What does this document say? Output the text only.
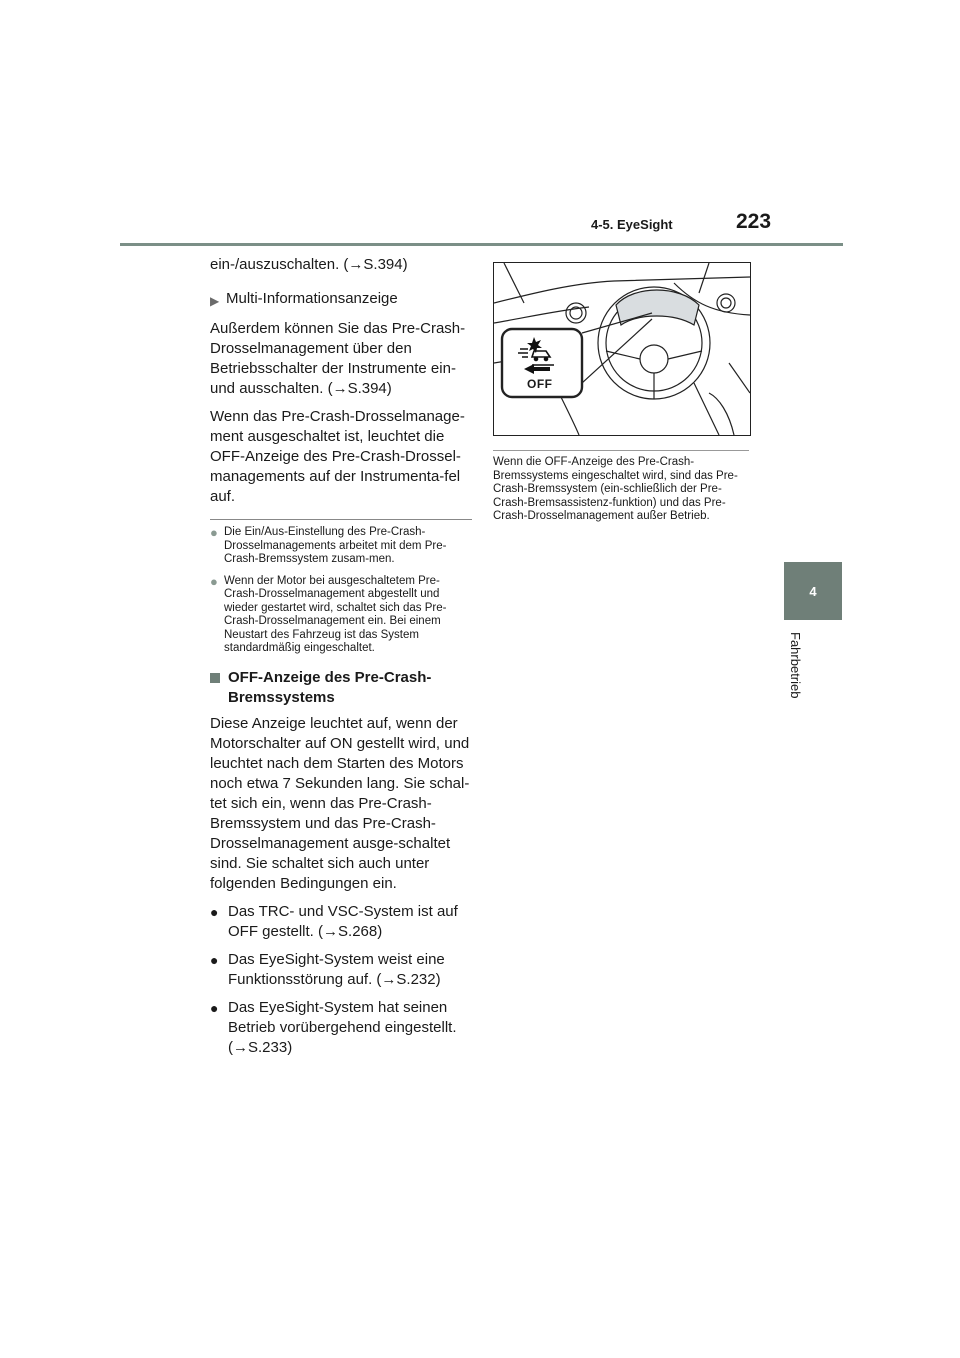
4-5. EyeSight	223
4
Fahrbetrieb

ein-/auszuschalten. (→S.394)

▶ Multi-Informationsanzeige

Außerdem können Sie das Pre-Crash-Drosselmanagement über den Betriebsschalter der Instrumente ein- und ausschalten. (→S.394)

Wenn das Pre-Crash-Drosselmanage-ment ausgeschaltet ist, leuchtet die OFF-Anzeige des Pre-Crash-Drossel-managements auf der Instrumenta-fel auf.

● Die Ein/Aus-Einstellung des Pre-Crash-Drosselmanagements arbeitet mit dem Pre-Crash-Bremssystem zusam-men.
● Wenn der Motor bei ausgeschaltetem Pre-Crash-Drosselmanagement abgestellt und wieder gestartet wird, schaltet sich das Pre-Crash-Drosselmanagement ein. Bei einem Neustart des Fahrzeug ist das System standardmäßig eingeschaltet.
OFF-Anzeige des Pre-Crash-Bremssystems

Diese Anzeige leuchtet auf, wenn der Motorschalter auf ON gestellt wird, und leuchtet nach dem Starten des Motors noch etwa 7 Sekunden lang. Sie schal-tet sich ein, wenn das Pre-Crash-Bremssystem und das Pre-Crash-Drosselmanagement ausge-schaltet sind. Sie schaltet sich auch unter folgenden Bedingungen ein.

● Das TRC- und VSC-System ist auf OFF gestellt. (→S.268)
● Das EyeSight-System weist eine Funktionsstörung auf. (→S.232)
● Das EyeSight-System hat seinen Betrieb vorübergehend eingestellt. (→S.233)
OFF
Wenn die OFF-Anzeige des Pre-Crash-Bremssystems eingeschaltet wird, sind das Pre-Crash-Bremssystem (ein-schließlich der Pre-Crash-Bremsassistenz-funktion) und das Pre-Crash-Drosselmanagement außer Betrieb.
